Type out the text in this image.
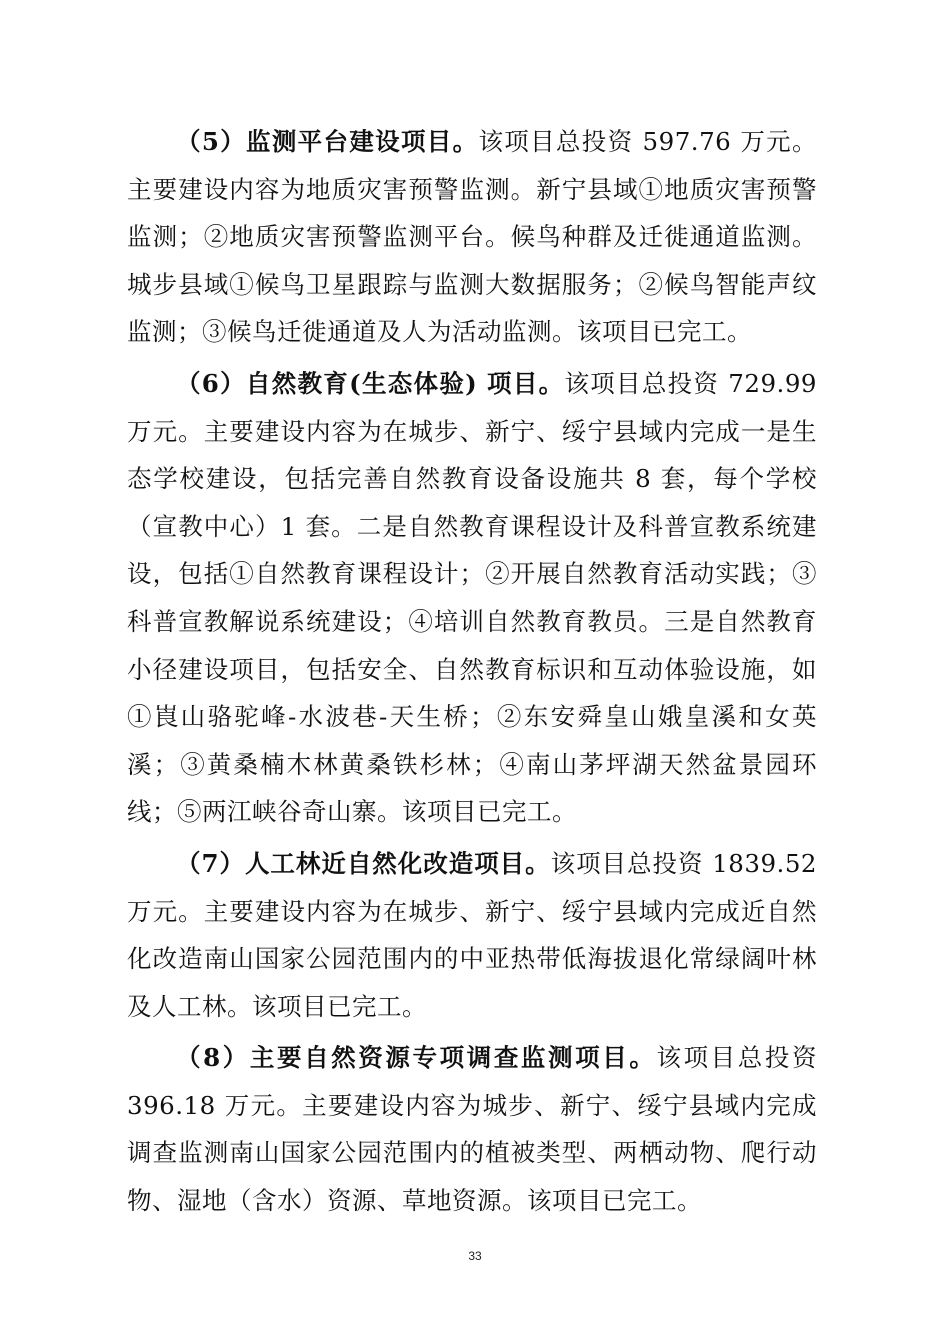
（5）监测平台建设项目。该项目总投资 597.76 万元。主要建设内容为地质灾害预警监测。新宁县域①地质灾害预警监测；②地质灾害预警监测平台。候鸟种群及迁徙通道监测。城步县域①候鸟卫星跟踪与监测大数据服务；②候鸟智能声纹监测；③候鸟迁徙通道及人为活动监测。该项目已完工。

（6）自然教育(生态体验) 项目。该项目总投资 729.99 万元。主要建设内容为在城步、新宁、绥宁县域内完成一是生态学校建设，包括完善自然教育设备设施共 8 套，每个学校（宣教中心）1 套。二是自然教育课程设计及科普宣教系统建设，包括①自然教育课程设计；②开展自然教育活动实践；③科普宣教解说系统建设；④培训自然教育教员。三是自然教育小径建设项目，包括安全、自然教育标识和互动体验设施，如①崀山骆驼峰-水波巷-天生桥；②东安舜皇山娥皇溪和女英溪；③黄桑楠木林黄桑铁杉林；④南山茅坪湖天然盆景园环线；⑤两江峡谷奇山寨。该项目已完工。

（7）人工林近自然化改造项目。该项目总投资 1839.52 万元。主要建设内容为在城步、新宁、绥宁县域内完成近自然化改造南山国家公园范围内的中亚热带低海拔退化常绿阔叶林及人工林。该项目已完工。

（8）主要自然资源专项调查监测项目。该项目总投资 396.18 万元。主要建设内容为城步、新宁、绥宁县域内完成调查监测南山国家公园范围内的植被类型、两栖动物、爬行动物、湿地（含水）资源、草地资源。该项目已完工。

33
